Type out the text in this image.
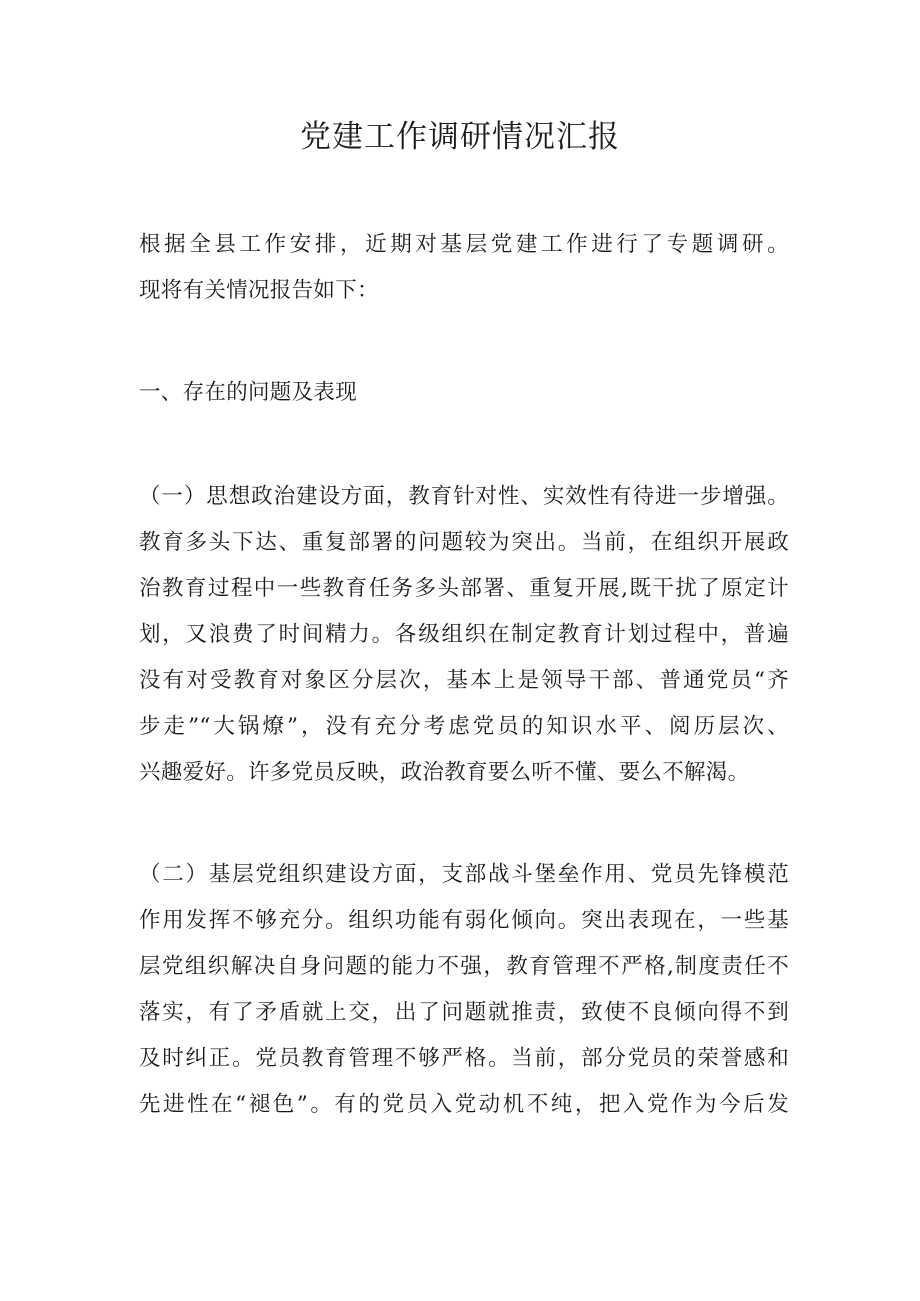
党建工作调研情况汇报
根据全县工作安排，近期对基层党建工作进行了专题调研。
现将有关情况报告如下：
一、存在的问题及表现
（一）思想政治建设方面，教育针对性、实效性有待进一步增强。
教育多头下达、重复部署的问题较为突出。当前，在组织开展政
治教育过程中一些教育任务多头部署、重复开展,既干扰了原定计
划，又浪费了时间精力。各级组织在制定教育计划过程中，普遍
没有对受教育对象区分层次，基本上是领导干部、普通党员“齐
步走”“大锅燎”，没有充分考虑党员的知识水平、阅历层次、
兴趣爱好。许多党员反映，政治教育要么听不懂、要么不解渴。
（二）基层党组织建设方面，支部战斗堡垒作用、党员先锋模范
作用发挥不够充分。组织功能有弱化倾向。突出表现在，一些基
层党组织解决自身问题的能力不强，教育管理不严格,制度责任不
落实，有了矛盾就上交，出了问题就推责，致使不良倾向得不到
及时纠正。党员教育管理不够严格。当前，部分党员的荣誉感和
先进性在“褪色”。有的党员入党动机不纯，把入党作为今后发
